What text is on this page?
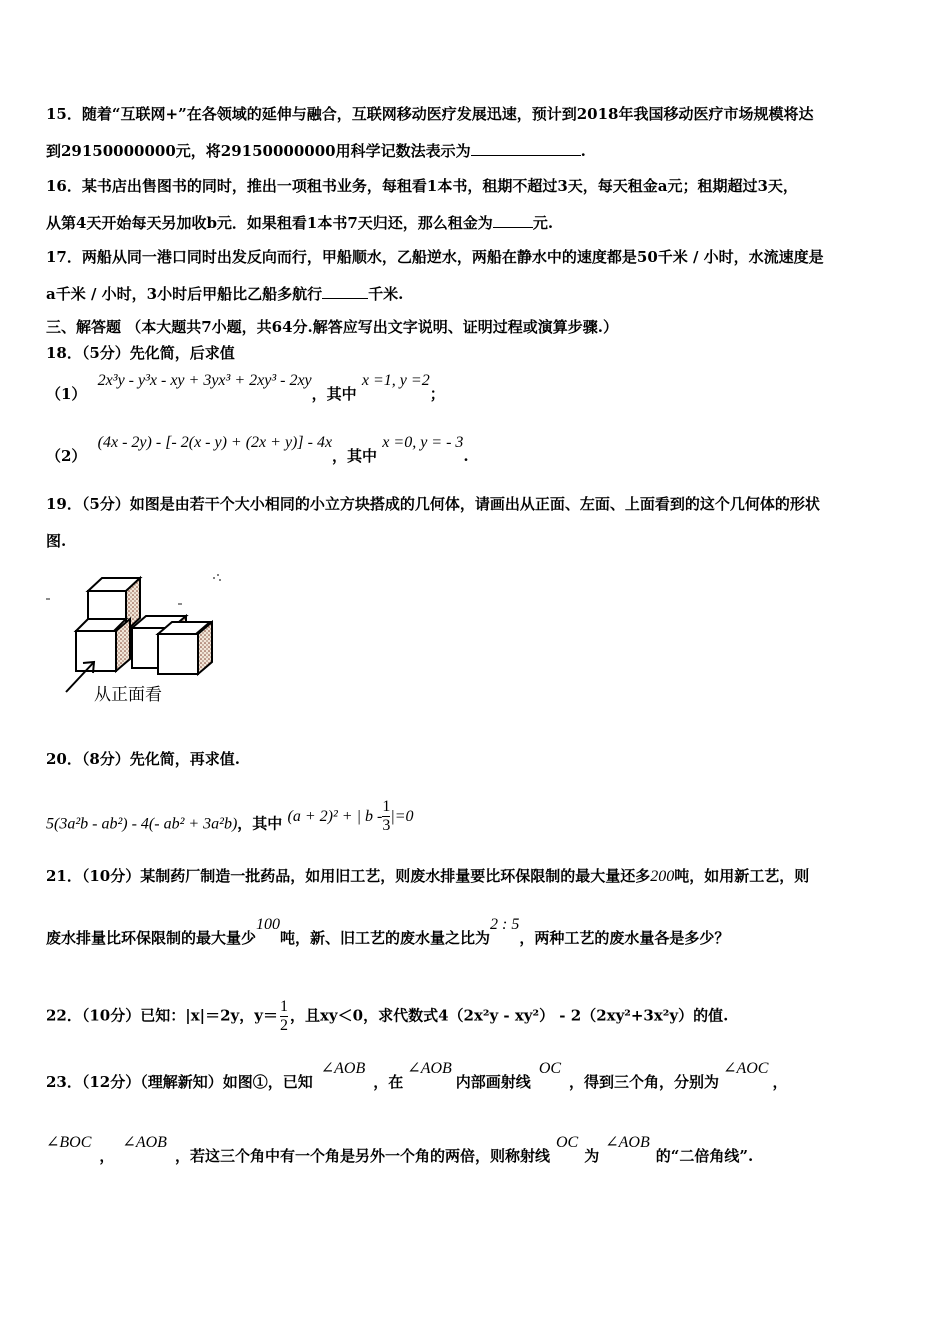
15．随着“互联网+”在各领域的延伸与融合，互联网移动医疗发展迅速，预计到2018年我国移动医疗市场规模将达
到29150000000元，将29150000000用科学记数法表示为	.
16．某书店出售图书的同时，推出一项租书业务，每租看1本书，租期不超过3天，每天租金a元；租期超过3天，
从第4天开始每天另加收b元．如果租看1本书7天归还，那么租金为	元.
17．两船从同一港口同时出发反向而行，甲船顺水，乙船逆水，两船在静水中的速度都是50千米 / 小时，水流速度是
a千米 / 小时，3小时后甲船比乙船多航行	千米.
三、解答题 （本大题共7小题，共64分.解答应写出文字说明、证明过程或演算步骤.）
18．（5分）先化简，后求值
（1） 2x³y - y³x - xy + 3yx³ + 2xy³ - 2xy，其中 x =1, y =2；
（2） (4x - 2y) - [- 2(x - y) + (2x + y)] - 4x，其中 x =0, y = - 3.
19．（5分）如图是由若干个大小相同的小立方块搭成的几何体，请画出从正面、左面、上面看到的这个几何体的形状
图.
从正面看
20．（8分）先化简，再求值.
5(3a²b - ab²) - 4(- ab² + 3a²b)，其中 (a + 2)² + | $b - \frac{1}{3} |=0$
21．（10分）某制药厂制造一批药品，如用旧工艺，则废水排量要比环保限制的最大量还多200吨，如用新工艺，则
废水排量比环保限制的最大量少100吨，新、旧工艺的废水量之比为2 : 5，两种工艺的废水量各是多少？
22．（10分）已知：|x|＝2y，$y= \frac{1}{2}$ ，且xy＜0，求代数式4（2x²y - xy²） - 2（2xy²+3x²y）的值.
23．（12分）（理解新知）如图①，已知∠AOB，在∠AOB内部画射线OC，得到三个角，分别为∠AOC，
∠BOC，∠AOB，若这三个角中有一个角是另外一个角的两倍，则称射线OC为∠AOB的“二倍角线”.
